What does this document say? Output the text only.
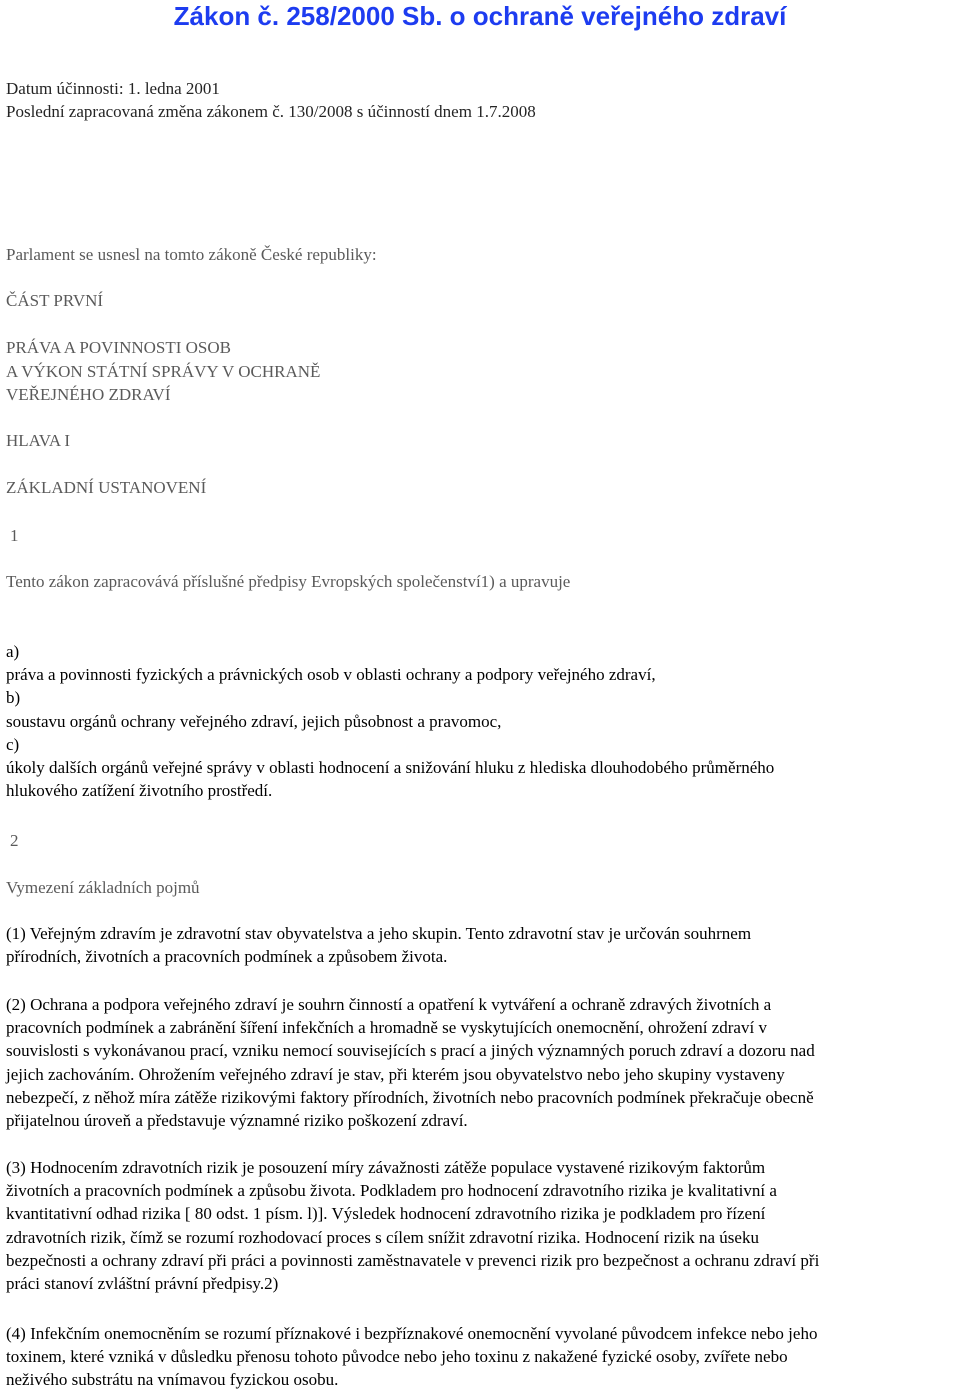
Zákon č. 258/2000 Sb. o ochraně veřejného zdraví
Datum účinnosti: 1. ledna 2001
Poslední zapracovaná změna zákonem č. 130/2008 s účinností dnem 1.7.2008
Parlament se usnesl na tomto zákoně České republiky:
ČÁST PRVNÍ
PRÁVA A POVINNOSTI OSOB
A VÝKON STÁTNÍ SPRÁVY V OCHRANĚ
VEŘEJNÉHO ZDRAVÍ
HLAVA I
ZÁKLADNÍ USTANOVENÍ
1
Tento zákon zapracovává příslušné předpisy Evropských společenství1) a upravuje
a)
práva a povinnosti fyzických a právnických osob v oblasti ochrany a podpory veřejného zdraví,
b)
soustavu orgánů ochrany veřejného zdraví, jejich působnost a pravomoc,
c)
úkoly dalších orgánů veřejné správy v oblasti hodnocení a snižování hluku z hlediska dlouhodobého průměrného
hlukového zatížení životního prostředí.
2
Vymezení základních pojmů
(1) Veřejným zdravím je zdravotní stav obyvatelstva a jeho skupin. Tento zdravotní stav je určován souhrnem
přírodních, životních a pracovních podmínek a způsobem života.
(2) Ochrana a podpora veřejného zdraví je souhrn činností a opatření k vytváření a ochraně zdravých životních a
pracovních podmínek a zabránění šíření infekčních a hromadně se vyskytujících onemocnění, ohrožení zdraví v
souvislosti s vykonávanou prací, vzniku nemocí souvisejících s prací a jiných významných poruch zdraví a dozoru nad
jejich zachováním. Ohrožením veřejného zdraví je stav, při kterém jsou obyvatelstvo nebo jeho skupiny vystaveny
nebezpečí, z něhož míra zátěže rizikovými faktory přírodních, životních nebo pracovních podmínek překračuje obecně
přijatelnou úroveň a představuje významné riziko poškození zdraví.
(3) Hodnocením zdravotních rizik je posouzení míry závažnosti zátěže populace vystavené rizikovým faktorům
životních a pracovních podmínek a způsobu života. Podkladem pro hodnocení zdravotního rizika je kvalitativní a
kvantitativní odhad rizika [ 80 odst. 1 písm. l)]. Výsledek hodnocení zdravotního rizika je podkladem pro řízení
zdravotních rizik, čímž se rozumí rozhodovací proces s cílem snížit zdravotní rizika. Hodnocení rizik na úseku
bezpečnosti a ochrany zdraví při práci a povinnosti zaměstnavatele v prevenci rizik pro bezpečnost a ochranu zdraví při
práci stanoví zvláštní právní předpisy.2)
(4) Infekčním onemocněním se rozumí příznakové i bezpříznakové onemocnění vyvolané původcem infekce nebo jeho
toxinem, které vzniká v důsledku přenosu tohoto původce nebo jeho toxinu z nakažené fyzické osoby, zvířete nebo
neživého substrátu na vnímavou fyzickou osobu.
